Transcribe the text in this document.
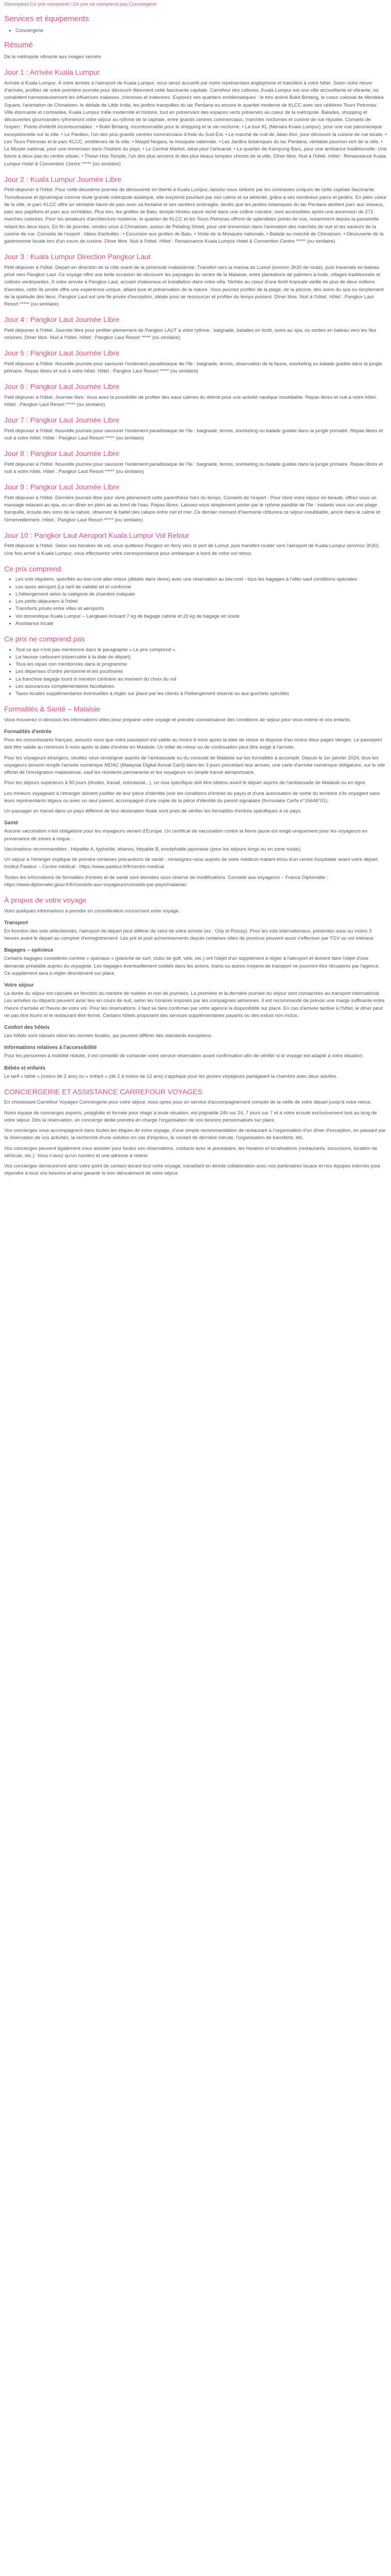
Description Ce prix comprend / Ce prix ne comprend pas Conciergerie

Services et équipements
• Conciergerie
Résumé

De la métropole vibrante aux rivages secrets

Jour 1 : Arrivée Kuala Lumpur

Arrivée à Kuala Lumpur. À votre arrivée à l'aéroport de Kuala Lumpur, vous serez accueilli par notre représentant anglophone et transféré à votre hôtel. Selon votre heure d'arrivée, profitez de votre première journée pour découvrir librement cette fascinante capitale. Carrefour des cultures, Kuala Lumpur est une ville accueillante et vibrante, où cohabitent harmonieusement les influences malaises, chinoises et indiennes. Explorez ses quartiers emblématiques : le très animé Bukit Bintang, le coeur colonial de Merdeka Square, l'animation de Chinatown, le dédale de Little India, les jardins tranquilles du lac Perdana ou encore le quartier moderne de KLCC avec ses célèbres Tours Petronas. Ville étonnante et contrastée, Kuala Lumpur mêle modernité et histoire, tout en préservant des espaces verts préservés au coeur de la métropole. Balades, shopping et découvertes gourmandes rythmeront votre séjour au rythme de la capitale, entre grands centres commerciaux, marchés nocturnes et cuisine de rue réputée. Conseils de l'expert : Points d'intérêt incontournables : • Bukit Bintang, incontournable pour le shopping et la vie nocturne. • La tour KL (Menara Kuala Lumpur), pour une vue panoramique exceptionnelle sur la ville. • Le Pavilion, l'un des plus grands centres commerciaux d'Asie du Sud-Est. • Le marché de nuit de Jalan Alor, pour découvrir la cuisine de rue locale. • Les Tours Petronas et le parc KLCC, emblèmes de la ville. • Masjid Negara, la mosquée nationale. • Les Jardins botaniques du lac Perdana, véritable poumon vert de la ville. • Le Musée national, pour une immersion dans l'histoire du pays. • Le Central Market, idéal pour l'artisanat. • Le quartier de Kampung Baru, pour une ambiance traditionnelle. Une future à deux pas du centre urbain. • Thean Hou Temple, l'un des plus anciens et des plus beaux temples chinois de la ville. Dîner libre. Nuit à l'hôtel. Hôtel : Renaissance Kuala Lumpur Hotel & Convention Centre ***** (ou similaire)

Jour 2 : Kuala Lumpur Journée Libre

Petit déjeuner à l'hôtel. Pour cette deuxième journée de découverte en liberté à Kuala Lumpur, laissez-vous séduire par les contrastes uniques de cette capitale fascinante. Tumultueuse et dynamique comme toute grande métropole asiatique, elle surprend pourtant par son calme et sa sérénité, grâce à ses nombreux parcs et jardins. En plein coeur de la ville, le parc KLCC offre un véritable havre de paix avec sa fontaine et ses sentiers ombragés, tandis que les jardins botaniques du lac Perdana abritent parc aux oiseaux, parc aux papillons et parc aux orchidées. Plus loin, les grottes de Batu, temple hindou sacré niché dans une colline calcaire, sont accessibles après une ascension de 272 marches colorées. Pour les amateurs d'architecture moderne, le quartier de KLCC et les Tours Petronas offrent de splendides points de vue, notamment depuis la passerelle reliant les deux tours. En fin de journée, rendez-vous à Chinatown, autour de Petaling Street, pour une immersion dans l'animation des marchés de nuit et les saveurs de la cuisine de rue. Conseils de l'expert : Idées d'activités : • Excursion aux grottes de Batu. • Visite de la Mosquée nationale. • Balade au marché de Chinatown. • Découverte de la gastronomie locale lors d'un cours de cuisine. Dîner libre. Nuit à l'hôtel. Hôtel : Renaissance Kuala Lumpur Hotel & Convention Centre ***** (ou similaire)

Jour 3 : Kuala Lumpur Direction Pangkor Laut

Petit déjeuner à l'hôtel. Départ en direction de la côte ouest de la péninsule malaisienne. Transfert vers la marina de Lumut (environ 3h30 de route), puis traversée en bateau privé vers Pangkor Laut. Ce voyage offre une belle occasion de découvrir les paysages du centre de la Malaisie, entre plantations de palmiers à huile, villages traditionnels et collines verdoyantes. À votre arrivée à Pangkor Laut, accueil chaleureux et installation dans votre villa. Nichée au coeur d'une forêt tropicale vieille de plus de deux millions d'années, cette île privée offre une expérience unique, alliant luxe et préservation de la nature. Vous pourrez profiter de la plage, de la piscine, des soins du spa ou simplement de la quiétude des lieux. Pangkor Laut est une île privée d'exception, idéale pour se ressourcer et profiter du temps présent. Dîner libre. Nuit à l'hôtel. Hôtel : Pangkor Laut Resort ***** (ou similaire)

Jour 4 : Pangkor Laut Journée Libre

Petit déjeuner à l'hôtel. Journée libre pour profiter pleinement de Pangkor LAUT à votre rythme : baignade, balades en forêt, soins au spa, ou sorties en bateau vers les îles voisines. Dîner libre. Nuit à l'hôtel. Hôtel : Pangkor Laut Resort ***** (ou similaire)

Jour 5 : Pangkor Laut Journée Libre

Petit déjeuner à l'hôtel. Nouvelle journée pour savourer l'isolement paradisiaque de l'île : baignade, tennis, observation de la faune, snorkeling ou balade guidée dans la jungle primaire. Repas libres et nuit à votre hôtel. Hôtel : Pangkor Laut Resort ***** (ou similaire)

Jour 6 : Pangkor Laut Journée Libre

Petit déjeuner à l'hôtel. Journée libre. Vous avez la possibilité de profiter des eaux calmes du détroit pour une activité nautique inoubliable. Repas libres et nuit à votre hôtel. Hôtel : Pangkor Laut Resort ***** (ou similaire)

Jour 7 : Pangkor Laut Journée Libre

Petit déjeuner à l'hôtel. Nouvelle journée pour savourer l'isolement paradisiaque de l'île : baignade, tennis, snorkeling ou balade guidée dans la jungle primaire. Repas libres et nuit à votre hôtel. Hôtel : Pangkor Laut Resort ***** (ou similaire)

Jour 8 : Pangkor Laut Journée Libre

Petit déjeuner à l'hôtel. Nouvelle journée pour savourer l'isolement paradisiaque de l'île : baignade, tennis, snorkeling ou balade guidée dans la jungle primaire. Repas libres et nuit à votre hôtel. Hôtel : Pangkor Laut Resort ***** (ou similaire)

Jour 9 : Pangkor Laut Journée Libre

Petit déjeuner à l'hôtel. Dernière journée libre pour vivre pleinement cette parenthèse hors du temps. Conseils de l'expert : Pour clore votre séjour en beauté, offrez-vous un massage relaxant au spa, ou un dîner en plein air au bord de l'eau. Repas libres. Laissez-vous simplement porter par le rythme paisible de l'île : instants vous sur une plage tranquille, écoute des sons de la nature, observez le ballet des calaos entre ciel et mer. Ce dernier moment d'harmonie clôturera ce séjour inoubliable, ancré dans le calme et l'émerveillement. Hôtel : Pangkor Laut Resort ***** (ou similaire)

Jour 10 : Pangkor Laut Aeroport Kuala Lumpur Vol Retour

Petit déjeuner à l'hôtel. Selon vos horaires de vol, vous quitterez Pangkor en ferry vers le port de Lumut, puis transfert routier vers l'aéroport de Kuala Lumpur (environ 3h30). Une fois arrivé à Kuala Lumpur, vous effectuerez votre correspondance pour embarquer à bord de votre vol retour.

Ce prix comprend
• Les vols réguliers, spécifiés au low-cost aller-retour (détails dans devis) avec une réservation au low-cost - tous les bagages à l'aller sauf conditions spéciales
• Les taxes aéroport (Le tarif de validité tel et conforme
• L'hébergement selon la catégorie de chambre indiquée
• Les petits-déjeuners à l'hôtel
• Transferts privés entre villes et aéroports
• Vol domestique Kuala Lumpur – Langkawi incluant 7 kg de bagage cabine et 20 kg de bagage en soute
• Assistance locale
Ce prix ne comprend pas
• Tout ce qui n'est pas mentionné dans le paragraphe « Le prix comprend »
• La hausse carburant (répercutée à la date de départ)
• Tous les repas non mentionnés dans le programme
• Les dépenses d'ordre personnel et les pourboires
• La franchise bagage lourd si mention contraire au moment du choix du vol
• Les assurances complémentaires facultatives
• Taxes locales supplémentaires éventuelles à régler sur place par les clients à l'hébergement réservé ou aux guichets spécifiés
Formalités & Santé – Malaisie

Vous trouverez ci-dessous les informations utiles pour préparer votre voyage et prendre connaissance des conditions de séjour pour vous-même et vos enfants.

Formalités d'entrée

Pour les ressortissants français, assurez-vous que votre passeport est valide au moins 6 mois après la date de retour et dispose d'au moins deux pages vierges. Le passeport doit être valide au minimum 6 mois après la date d'entrée en Malaisie. Un billet de retour ou de continuation peut être exigé à l'arrivée.

Pour les voyageurs étrangers, veuillez vous renseigner auprès de l'ambassade ou du consulat de Malaisie sur les formalités à accomplir. Depuis le 1er janvier 2024, tous les voyageurs doivent remplir l'arrivée numérique MDAC (Malaysia Digital Arrival Card) dans les 3 jours précédant leur arrivée, une carte d'arrivée numérique obligatoire, sur le site officiel de l'immigration malaisienne, sauf les résidents permanents et les voyageurs en simple transit aéroportuaire.

Pour les séjours supérieurs à 90 jours (études, travail, volontariat...), un visa spécifique doit être obtenu avant le départ auprès de l'ambassade de Malaisie ou en ligne.

Les mineurs voyageant à l'étranger doivent justifier de leur pièce d'identité (voir les conditions d'entrée du pays) et d'une autorisation de sortie du territoire s'ils voyagent sans leurs représentants légaux ou avec un seul parent, accompagné d'une copie de la pièce d'identité du parent signataire (formulaire Cerfa n°15646*01).

Un passager en transit dans un pays différent de leur destination finale sont priés de vérifier les formalités d'entrée spécifiques à ce pays.

Santé

Aucune vaccination n'est obligatoire pour les voyageurs venant d'Europe. Un certificat de vaccination contre la fièvre jaune est exigé uniquement pour les voyageurs en provenance de zones à risque.

Vaccinations recommandées : Hépatite A, typhoïde, tétanos, hépatite B, encéphalite japonaise (pour les séjours longs ou en zone rurale).

Un séjour à l'étranger implique de prendre certaines précautions de santé : renseignez-vous auprès de votre médecin traitant et/ou d'un centre hospitalier avant votre départ. Institut Pasteur – Centre médical : https://www.pasteur.fr/fr/centre-medical

Toutes les informations de formalités d'entrée et de santé sont données sous réserve de modifications. Conseils aux voyageurs – France Diplomatie : https://www.diplomatie.gouv.fr/fr/conseils-aux-voyageurs/conseils-par-pays/malaisie/

À propos de votre voyage

Voici quelques informations à prendre en considération concernant votre voyage.

Transport

En fonction des vols sélectionnés, l'aéroport de départ peut différer de celui de votre arrivée (ex : Orly et Roissy). Pour les vols internationaux, présentez-vous au moins 3 heures avant le départ au comptoir d'enregistrement. Les pré et post acheminements depuis certaines villes de province peuvent aussi s'effectuer par TGV ou vol intérieur.

Bagages – spécieux

Certains bagages considérés comme « spéciaux » (planche de surf, clubs de golf, vélo, etc.) ont l'objet d'un supplément à régler à l'aéroport et doivent faire l'objet d'une demande préalable auprès du voyagiste. Les bagages éventuellement oubliés dans les avions, trains ou autres moyens de transport ne pourront être récupérés par l'agence. Ce supplément sera à régler directement sur place.

Votre séjour

La durée du séjour est calculée en fonction du nombre de nuitées et non de journées. La première et la dernière journée du séjour sont consacrées au transport international. Les arrivées ou départs peuvent avoir lieu en cours de nuit, selon les horaires imposés par les compagnies aériennes. Il est recommandé de prévoir une marge suffisante entre l'heure d'arrivée et l'heure de votre vol. Pour les réservations, il faut se faire confirmer par votre agence la disponibilité sur place. En cas d'arrivée tardive à l'hôtel, le dîner peut ne pas être fourni et le restaurant être fermé. Certains hôtels proposent des services supplémentaires payants ou des extras non inclus.

Confort des hôtels

Les hôtels sont classés selon les normes locales, qui peuvent différer des standards européens.

Informations relatives à l'accessibilité

Pour les personnes à mobilité réduite, il est conseillé de contacter votre service réservation avant confirmation afin de vérifier si le voyage est adapté à votre situation.

Bébés et enfants

Le tarif « bébé » (moins de 2 ans) ou « enfant » (de 2 à moins de 12 ans) s'applique pour les jeunes voyageurs partageant la chambre avec deux adultes.

CONCIERGERIE ET ASSISTANCE CARREFOUR VOYAGES

En choisissant Carrefour Voyages Conciergerie pour votre séjour, vous optez pour un service d'accompagnement complet de la veille de votre départ jusqu'à votre retour.

Notre équipe de concierges experts, polyglotte et formée pour réagir à toute situation, est joignable 24h sur 24, 7 jours sur 7 et à votre écoute exclusivement tout au long de votre séjour. Dès la réservation, un concierge dédié prendra en charge l'organisation de vos besoins personnalisés sur place.

Vos concierges vous accompagnent dans toutes les étapes de votre voyage, d'une simple recommandation de restaurant à l'organisation d'un dîner d'exception, en passant par la réservation de vos activités, la recherche d'une solution en cas d'imprévu, le conseil de dernière minute, l'organisation de transferts, etc.

Vos concierges peuvent également vous assister pour toutes vos réservations, contacts avec le prestataire, les horaires et localisations (restaurants, excursions, location de véhicule, etc.). Vous n'avez qu'un numéro et une adresse à retenir.

Vos concierges demeureront ainsi votre point de contact durant tout votre voyage, travaillant en étroite collaboration avec nos partenaires locaux et nos équipes internes pour répondre à tous vos besoins et ainsi garantir le bon déroulement de votre séjour.
